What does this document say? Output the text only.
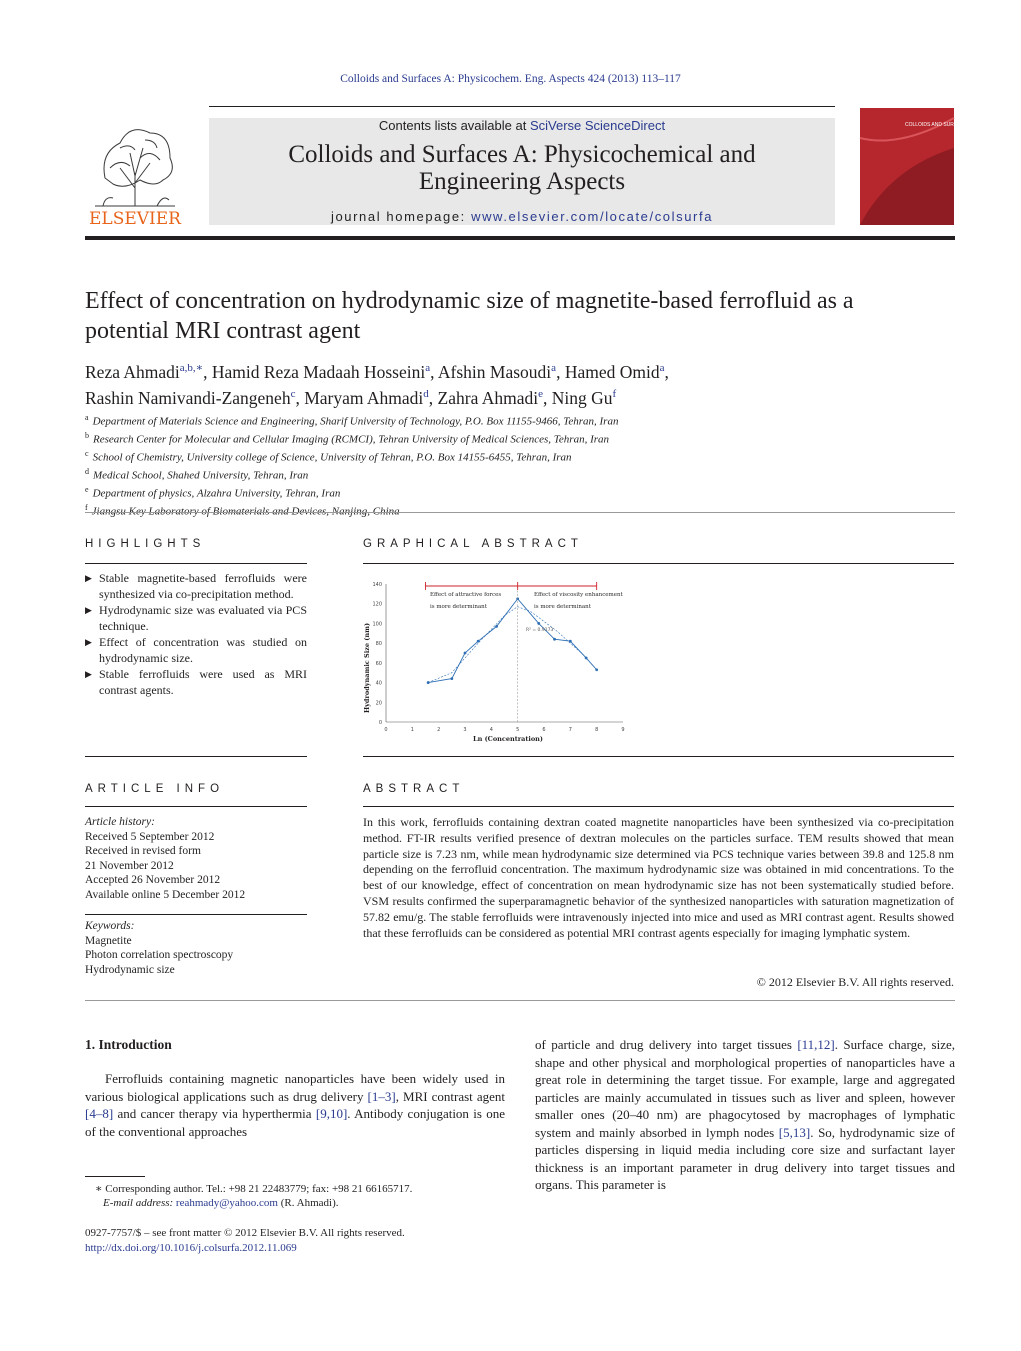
Colloids and Surfaces A: Physicochem. Eng. Aspects 424 (2013) 113–117
ELSEVIER
Contents lists available at SciVerse ScienceDirect
Colloids and Surfaces A: Physicochemical and
Engineering Aspects
journal homepage: www.elsevier.com/locate/colsurfa
COLLOIDS AND SURFACES A
Effect of concentration on hydrodynamic size of magnetite-based ferrofluid as a
potential MRI contrast agent
Reza Ahmadi$^{a,b,∗}$, Hamid Reza Madaah Hosseini$^a$, Afshin Masoudi$^a$, Hamed Omid$^a$,
Rashin Namivandi-Zangeneh$^c$, Maryam Ahmadi$^d$, Zahra Ahmadi$^e$, Ning Gu$^f$
$^a$ Department of Materials Science and Engineering, Sharif University of Technology, P.O. Box 11155-9466, Tehran, Iran
$^b$ Research Center for Molecular and Cellular Imaging (RCMCI), Tehran University of Medical Sciences, Tehran, Iran
$^c$ School of Chemistry, University college of Science, University of Tehran, P.O. Box 14155-6455, Tehran, Iran
$^d$ Medical School, Shahed University, Tehran, Iran
$^e$ Department of physics, Alzahra University, Tehran, Iran
$^f$
HIGHLIGHTS
▶ Stable magnetite-based ferrofluids were synthesized via co-precipitation method.
▶ Hydrodynamic size was evaluated via PCS technique.
▶ Effect of concentration was studied on hydrodynamic size.
▶ Stable ferrofluids were used as MRI contrast agents.
GRAPHICAL ABSTRACT
0	1	2	3	4	5	6	7	8	9
0
20
40
60
80
100
120
140
Effect of attractive forces
is more determinant
Effect of viscosity enhancement
is more determinant
R² = 0.9173
Ln (Concentration)
Hydrodynamic Size (nm)
ARTICLE INFO
Article history:
Received 5 September 2012
Received in revised form
21 November 2012
Accepted 26 November 2012
Available online 5 December 2012
Keywords:
Magnetite
Photon correlation spectroscopy
Hydrodynamic size
ABSTRACT
In this work, ferrofluids containing dextran coated magnetite nanoparticles have been synthesized via co-precipitation method. FT-IR results verified presence of dextran molecules on the particles surface. TEM results showed that mean particle size is 7.23 nm, while mean hydrodynamic size determined via PCS technique varies between 39.8 and 125.8 nm depending on the ferrofluid concentration. The maximum hydrodynamic size was obtained in mid concentrations. To the best of our knowledge, effect of concentration on mean hydrodynamic size has not been systematically studied before. VSM results confirmed the superparamagnetic behavior of the synthesized nanoparticles with saturation magnetization of 57.82 emu/g. The stable ferrofluids were intravenously injected into mice and used as MRI contrast agent. Results showed that these ferrofluids can be considered as potential MRI contrast agents especially for imaging lymphatic system.
© 2012 Elsevier B.V. All rights reserved.
1. Introduction
Ferrofluids containing magnetic nanoparticles have been widely used in various biological applications such as drug delivery [1–3], MRI contrast agent [4–8] and cancer therapy via hyperthermia [9,10]. Antibody conjugation is one of the conventional approaches
of particle and drug delivery into target tissues [11,12]. Surface charge, size, shape and other physical and morphological properties of nanoparticles have a great role in determining the target tissue. For example, large and aggregated particles are mainly accumulated in tissues such as liver and spleen, however smaller ones (20–40 nm) are phagocytosed by macrophages of lymphatic system and mainly absorbed in lymph nodes [5,13]. So, hydrodynamic size of particles dispersing in liquid media including core size and surfactant layer thickness is an important parameter in drug delivery into target tissues and organs. This parameter is
∗ Corresponding author. Tel.: +98 21 22483779; fax: +98 21 66165717.
E-mail address: reahmady@yahoo.com (R. Ahmadi).
0927-7757/$ – see front matter © 2012 Elsevier B.V. All rights reserved.
http://dx.doi.org/10.1016/j.colsurfa.2012.11.069
